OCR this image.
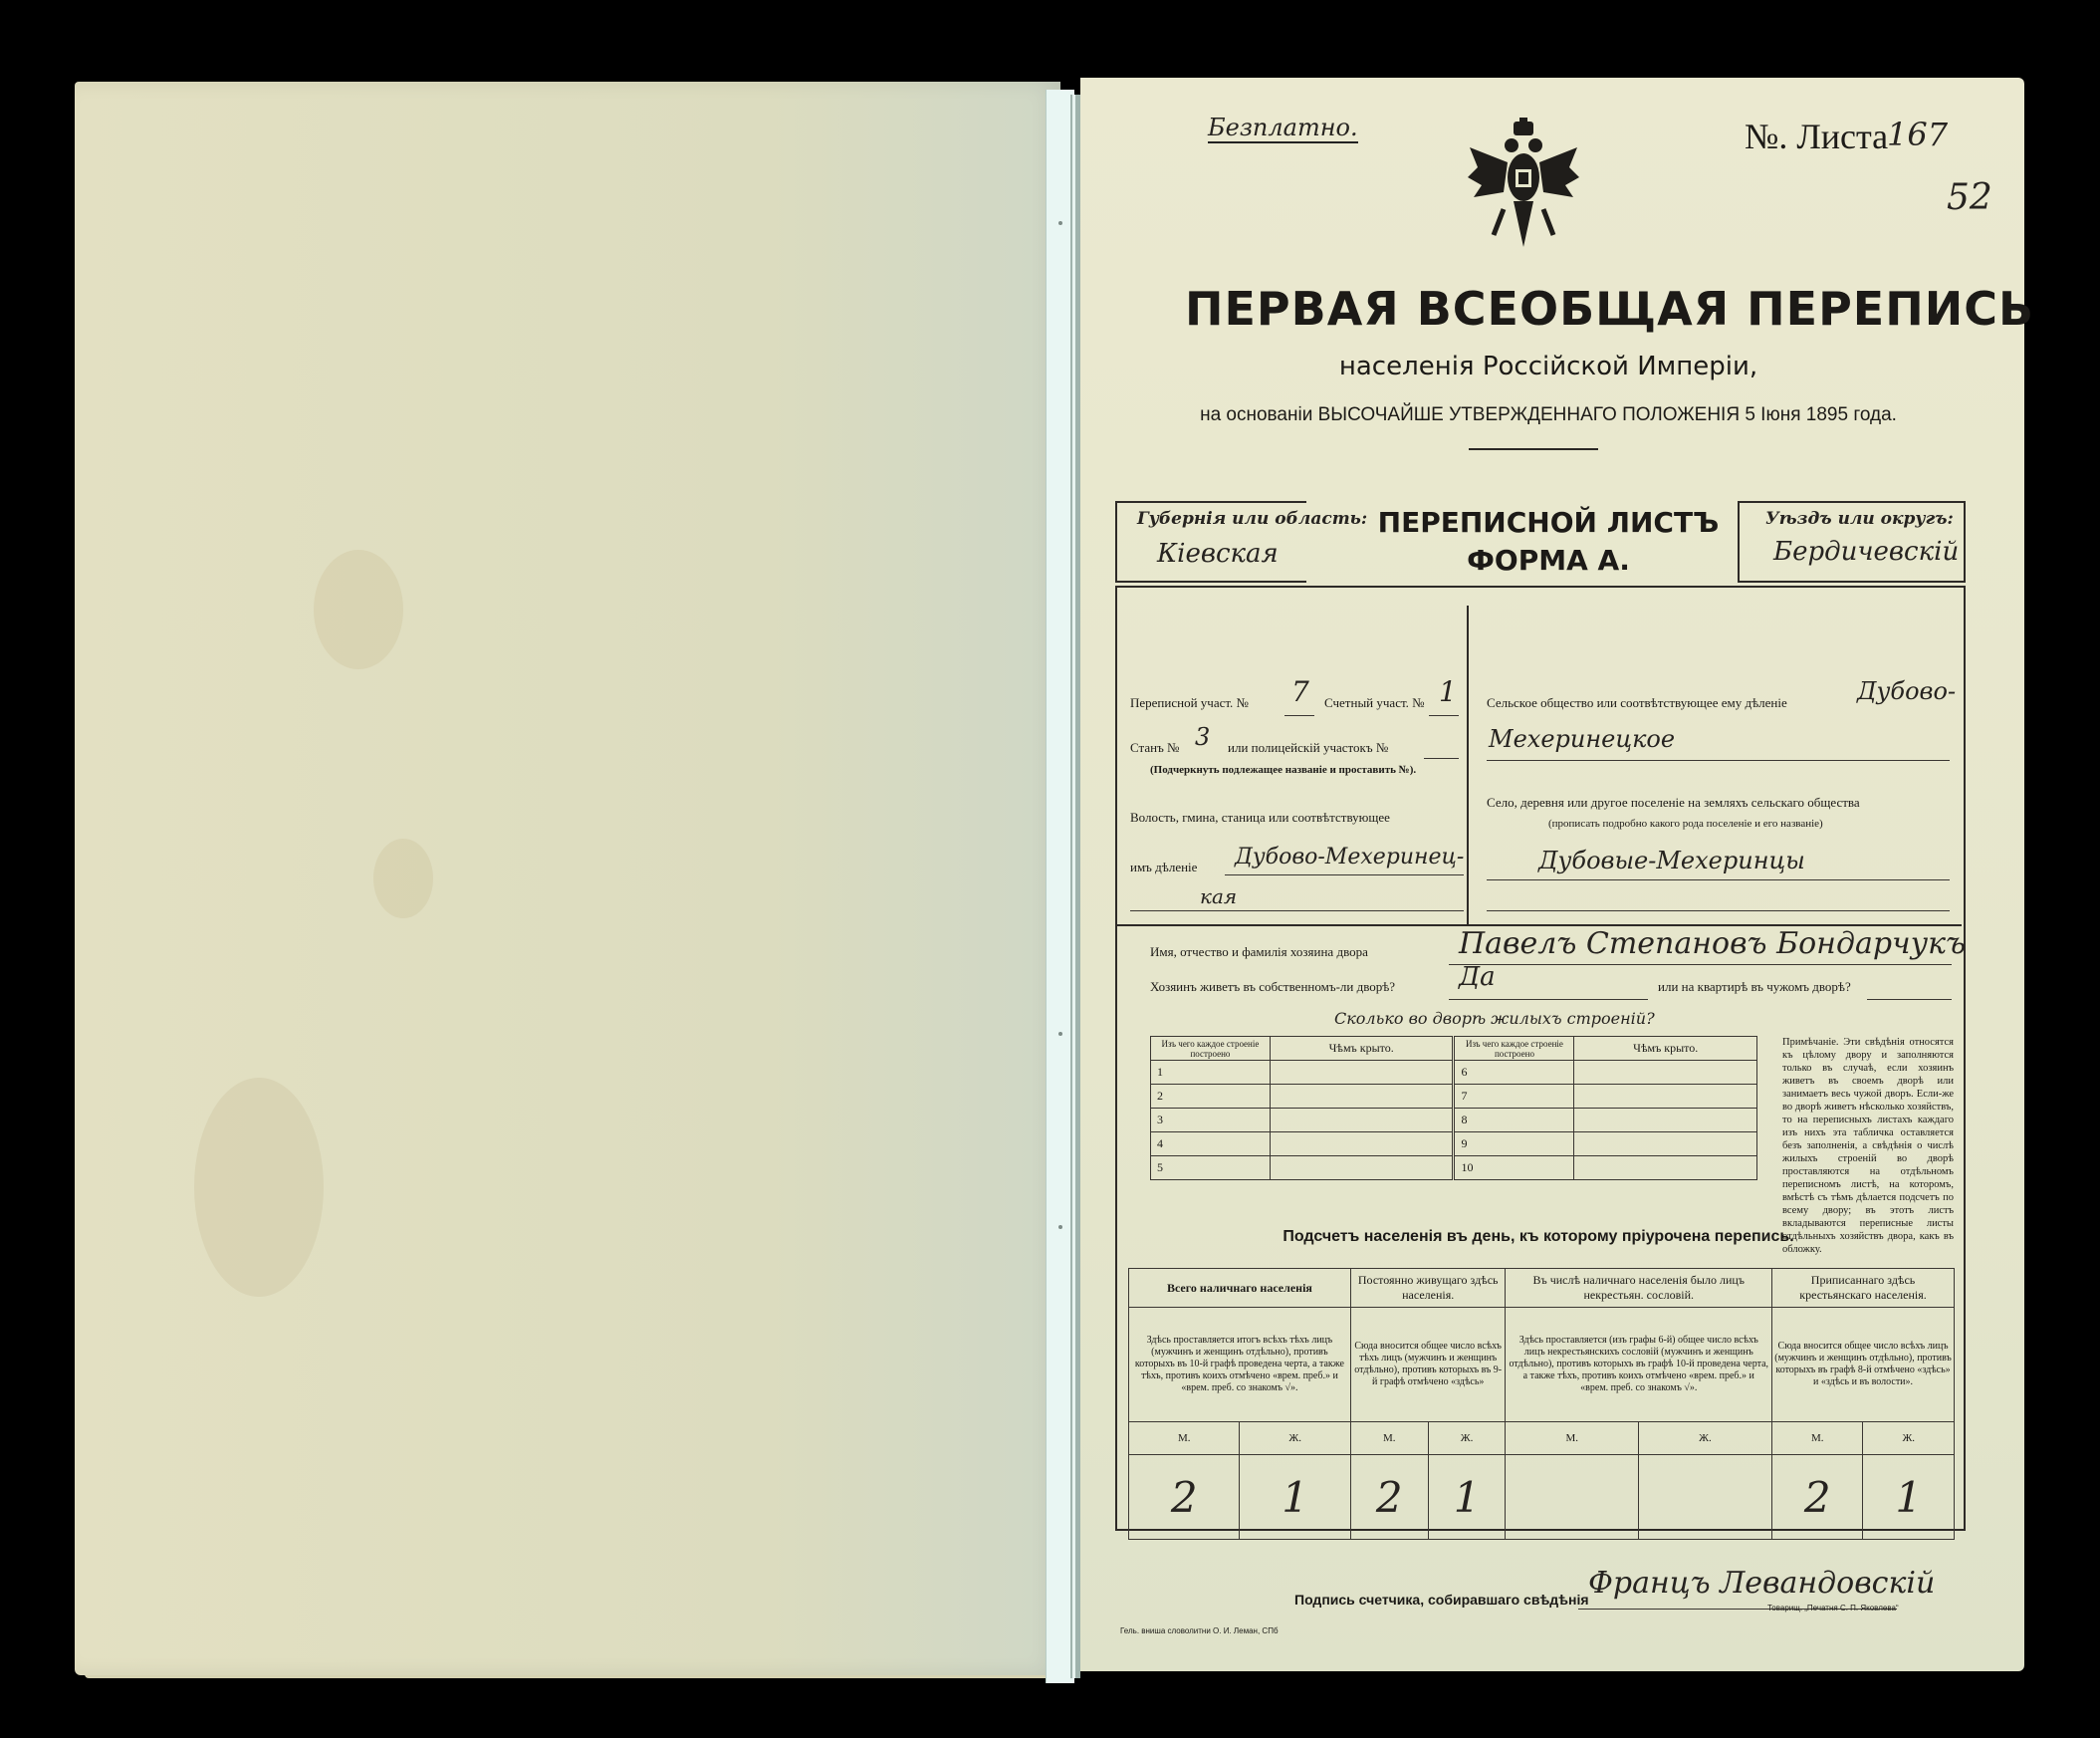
Безплатно.	№. Листа
167
52
ПЕРВАЯ ВСЕОБЩАЯ ПЕРЕПИСЬ
населенія Россійской Имперіи,
на основаніи ВЫСОЧАЙШЕ УТВЕРЖДЕННАГО ПОЛОЖЕНІЯ 5 Іюня 1895 года.
Губернія или область:
Кіевская
ПЕРЕПИСНОЙ ЛИСТЪ
ФОРМА А.
Уѣздъ или округъ:
Бердичевскій
Переписной участ. № 7 Счетный участ. № 1
Станъ № 3 или полицейскій участокъ №
(Подчеркнуть подлежащее названіе и проставить №).
Волость, гмина, станица или соотвѣтствующее
имъ дѣленіе Дубово-Мехеринец-
кая
Сельское общество или соотвѣтствующее ему дѣленіе	Дубово-
Мехеринецкое
Село, деревня или другое поселеніе на земляхъ сельскаго общества
(прописать подробно какого рода поселеніе и его названіе)
Дубовые-Мехеринцы
Имя, отчество и фамилія хозяина двора	Павелъ Степановъ Бондарчукъ
Хозяинъ живетъ въ собственномъ-ли дворѣ? Да	или на квартирѣ въ чужомъ дворѣ?
Сколько во дворѣ жилыхъ строеній?
Изъ чего каждое строеніе построено	Чѣмъ крыто.	Изъ чего каждое строеніе построено	Чѣмъ крыто.
1		6	
2		7	
3		8	
4		9	
5		10	
Примѣчаніе. Эти свѣдѣнія относятся къ цѣлому двору и заполняются только въ случаѣ, если хозяинъ живетъ въ своемъ дворѣ или занимаетъ весь чужой дворъ. Если-же во дворѣ живетъ нѣсколько хозяйствъ, то на переписныхъ листахъ каждаго изъ нихъ эта табличка оставляется безъ заполненія, а свѣдѣнія о числѣ жилыхъ строеній во дворѣ проставляются на отдѣльномъ переписномъ листѣ, на которомъ, вмѣстѣ съ тѣмъ дѣлается подсчетъ по всему двору; въ этотъ листъ вкладываются переписные листы отдѣльныхъ хозяйствъ двора, какъ въ обложку.
Подсчетъ населенія въ день, къ которому пріурочена перепись.
Всего наличнаго населенія		Постоянно живущаго здѣсь населенія.		Въ числѣ наличнаго населенія было лицъ некрестьян. сословій.		Приписаннаго здѣсь крестьянскаго населенія.	
Здѣсь проставляется итогъ всѣхъ тѣхъ лицъ (мужчинъ и женщинъ отдѣльно), противъ которыхъ въ 10-й графѣ проведена черта, а также тѣхъ, противъ коихъ отмѣчено «врем. преб.» и «врем. преб. со знакомъ √».		Сюда вносится общее число всѣхъ тѣхъ лицъ (мужчинъ и женщинъ отдѣльно), противъ которыхъ въ 9-й графѣ отмѣчено «здѣсь»		Здѣсь проставляется (изъ графы 6-й) общее число всѣхъ лицъ некрестьянскихъ сословій (мужчинъ и женщинъ отдѣльно), противъ которыхъ въ графѣ 10-й проведена черта, а также тѣхъ, противъ коихъ отмѣчено «врем. преб.» и «врем. преб. со знакомъ √».		Сюда вносится общее число всѣхъ лицъ (мужчинъ и женщинъ отдѣльно), противъ которыхъ въ графѣ 8-й отмѣчено «здѣсь» и «здѣсь и въ волости».	
М.	Ж.	М.	Ж.	М.	Ж.	М.	Ж.
2	1	2	1			2	1
Подпись счетчика, собиравшаго свѣдѣнія Францъ Левандовскій
Гель. вниша словолитни О. И. Леман, СПб
Товарищ. „Печатня С. П. Яковлева“
